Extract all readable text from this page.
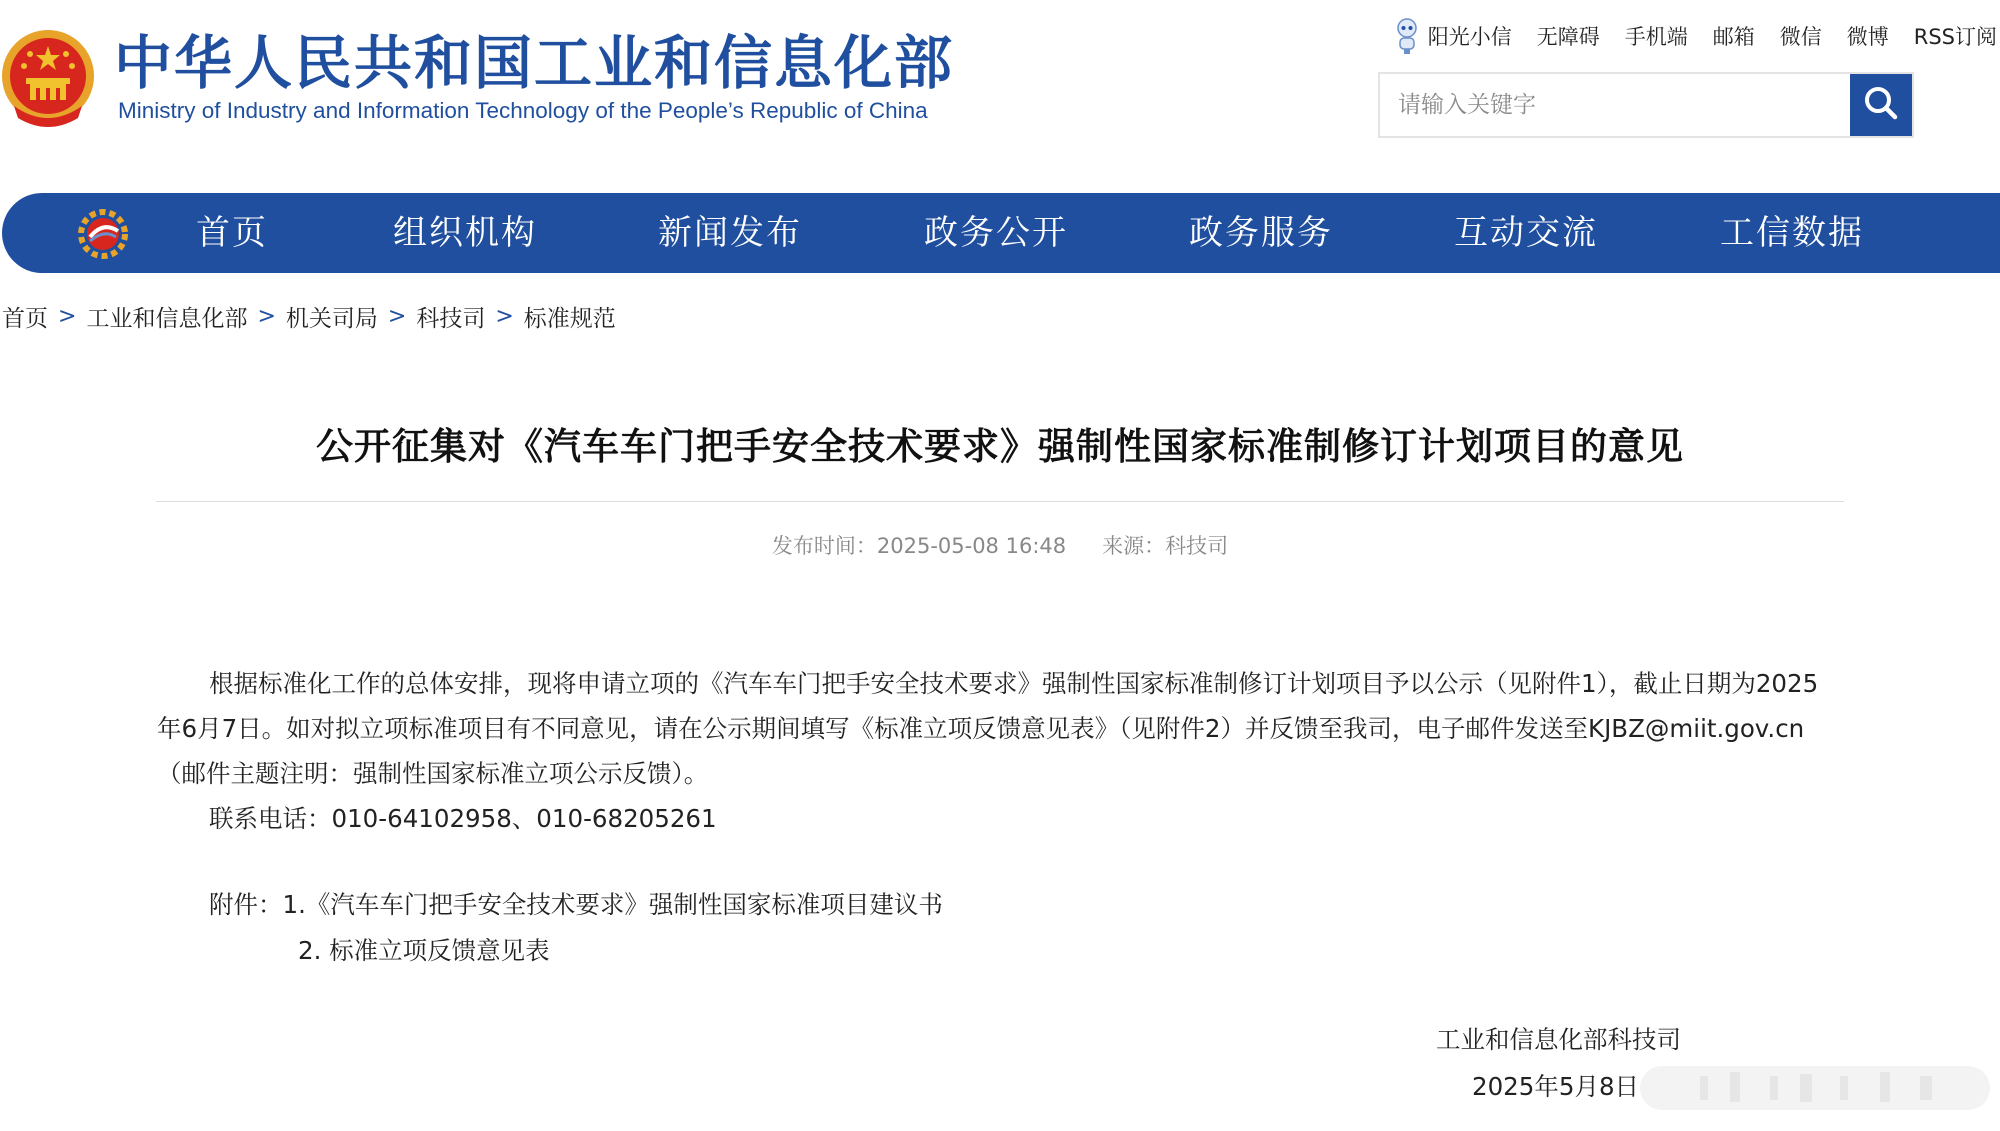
中华人民共和国工业和信息化部
Ministry of Industry and Information Technology of the People’s Republic of China
阳光小信 无障碍 手机端 邮箱 微信 微博 RSS订阅
请输入关键字
首页	组织机构	新闻发布	政务公开	政务服务	互动交流	工信数据
首页 > 工业和信息化部 > 机关司局 > 科技司 > 标准规范
公开征集对《汽车车门把手安全技术要求》强制性国家标准制修订计划项目的意见
发布时间：2025-05-08 16:48 来源：科技司

根据标准化工作的总体安排，现将申请立项的《汽车车门把手安全技术要求》强制性国家标准制修订计划项目予以公示（见附件1），截止日期为2025年6月7日。如对拟立项标准项目有不同意见，请在公示期间填写《标准立项反馈意见表》（见附件2）并反馈至我司，电子邮件发送至KJBZ@miit.gov.cn（邮件主题注明：强制性国家标准立项公示反馈）。

联系电话：010-64102958、010-68205261

附件：1.《汽车车门把手安全技术要求》强制性国家标准项目建议书
2. 标准立项反馈意见表
工业和信息化部科技司
2025年5月8日
